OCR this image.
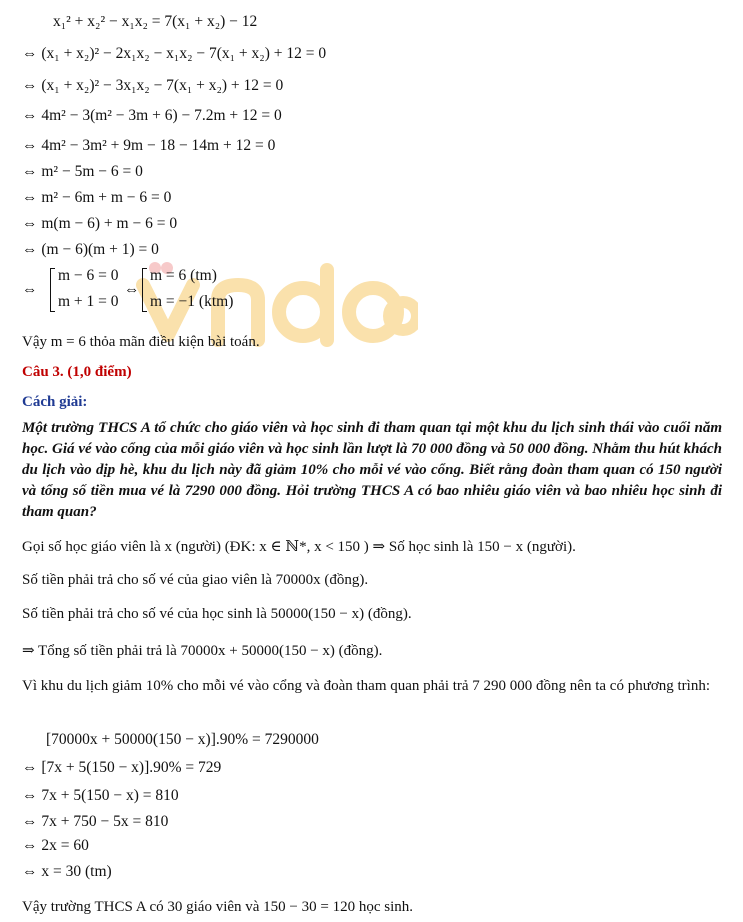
x₁² + x₂² − x₁x₂ = 7(x₁ + x₂) − 12
⇔ (x₁ + x₂)² − 2x₁x₂ − x₁x₂ − 7(x₁ + x₂) + 12 = 0
⇔ (x₁ + x₂)² − 3x₁x₂ − 7(x₁ + x₂) + 12 = 0
⇔ 4m² − 3(m² − 3m + 6) − 7.2m + 12 = 0
⇔ 4m² − 3m² + 9m − 18 − 14m + 12 = 0
⇔ m² − 5m − 6 = 0
⇔ m² − 6m + m − 6 = 0
⇔ m(m − 6) + m − 6 = 0
⇔ (m − 6)(m + 1) = 0
⇔
m − 6 = 0
m + 1 = 0
⇔
m = 6 (tm)
m = −1 (ktm)
Vậy m = 6 thỏa mãn điều kiện bài toán.
Câu 3. (1,0 điểm)
Cách giải:
Một trường THCS A tổ chức cho giáo viên và học sinh đi tham quan tại một khu du lịch sinh thái vào cuối năm học. Giá vé vào cổng của mỗi giáo viên và học sinh lần lượt là 70 000 đồng và 50 000 đồng. Nhằm thu hút khách du lịch vào dịp hè, khu du lịch này đã giảm 10% cho mỗi vé vào cổng. Biết rằng đoàn tham quan có 150 người và tổng số tiền mua vé là 7290 000 đồng. Hỏi trường THCS A có bao nhiêu giáo viên và bao nhiêu học sinh đi tham quan?
Gọi số học giáo viên là x (người) (ĐK: x ∈ ℕ*, x < 150 ) ⇒ Số học sinh là 150 − x (người).
Số tiền phải trả cho số vé của giao viên là 70000x (đồng).
Số tiền phải trả cho số vé của học sinh là 50000(150 − x) (đồng).
⇒ Tổng số tiền phải trả là 70000x + 50000(150 − x) (đồng).
Vì khu du lịch giảm 10% cho mỗi vé vào cổng và đoàn tham quan phải trả 7 290 000 đồng nên ta có phương trình:
[70000x + 50000(150 − x)].90% = 7290000
⇔ [7x + 5(150 − x)].90% = 729
⇔ 7x + 5(150 − x) = 810
⇔ 7x + 750 − 5x = 810
⇔ 2x = 60
⇔ x = 30 (tm)
Vậy trường THCS A có 30 giáo viên và 150 − 30 = 120 học sinh.
